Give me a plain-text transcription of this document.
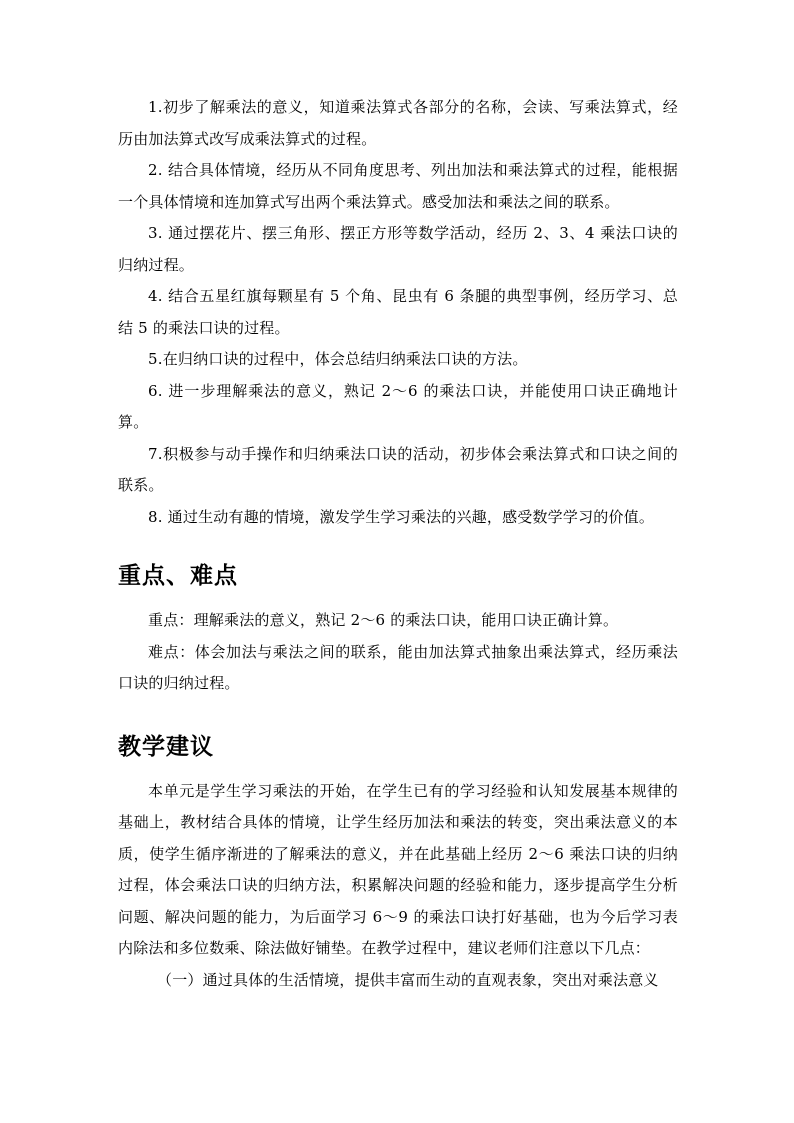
1.初步了解乘法的意义，知道乘法算式各部分的名称，会读、写乘法算式，经历由加法算式改写成乘法算式的过程。

2. 结合具体情境，经历从不同角度思考、列出加法和乘法算式的过程，能根据一个具体情境和连加算式写出两个乘法算式。感受加法和乘法之间的联系。

3. 通过摆花片、摆三角形、摆正方形等数学活动，经历 2、3、4 乘法口诀的归纳过程。

4. 结合五星红旗每颗星有 5 个角、昆虫有 6 条腿的典型事例，经历学习、总结 5 的乘法口诀的过程。

5.在归纳口诀的过程中，体会总结归纳乘法口诀的方法。

6. 进一步理解乘法的意义，熟记 2～6 的乘法口诀，并能使用口诀正确地计算。

7.积极参与动手操作和归纳乘法口诀的活动，初步体会乘法算式和口诀之间的联系。

8. 通过生动有趣的情境，激发学生学习乘法的兴趣，感受数学学习的价值。

重点、难点

重点：理解乘法的意义，熟记 2～6 的乘法口诀，能用口诀正确计算。

难点：体会加法与乘法之间的联系，能由加法算式抽象出乘法算式，经历乘法口诀的归纳过程。

教学建议

本单元是学生学习乘法的开始，在学生已有的学习经验和认知发展基本规律的基础上，教材结合具体的情境，让学生经历加法和乘法的转变，突出乘法意义的本质，使学生循序渐进的了解乘法的意义，并在此基础上经历 2～6 乘法口诀的归纳过程，体会乘法口诀的归纳方法，积累解决问题的经验和能力，逐步提高学生分析问题、解决问题的能力，为后面学习 6～9 的乘法口诀打好基础，也为今后学习表内除法和多位数乘、除法做好铺垫。在教学过程中，建议老师们注意以下几点：

（一）通过具体的生活情境，提供丰富而生动的直观表象，突出对乘法意义
